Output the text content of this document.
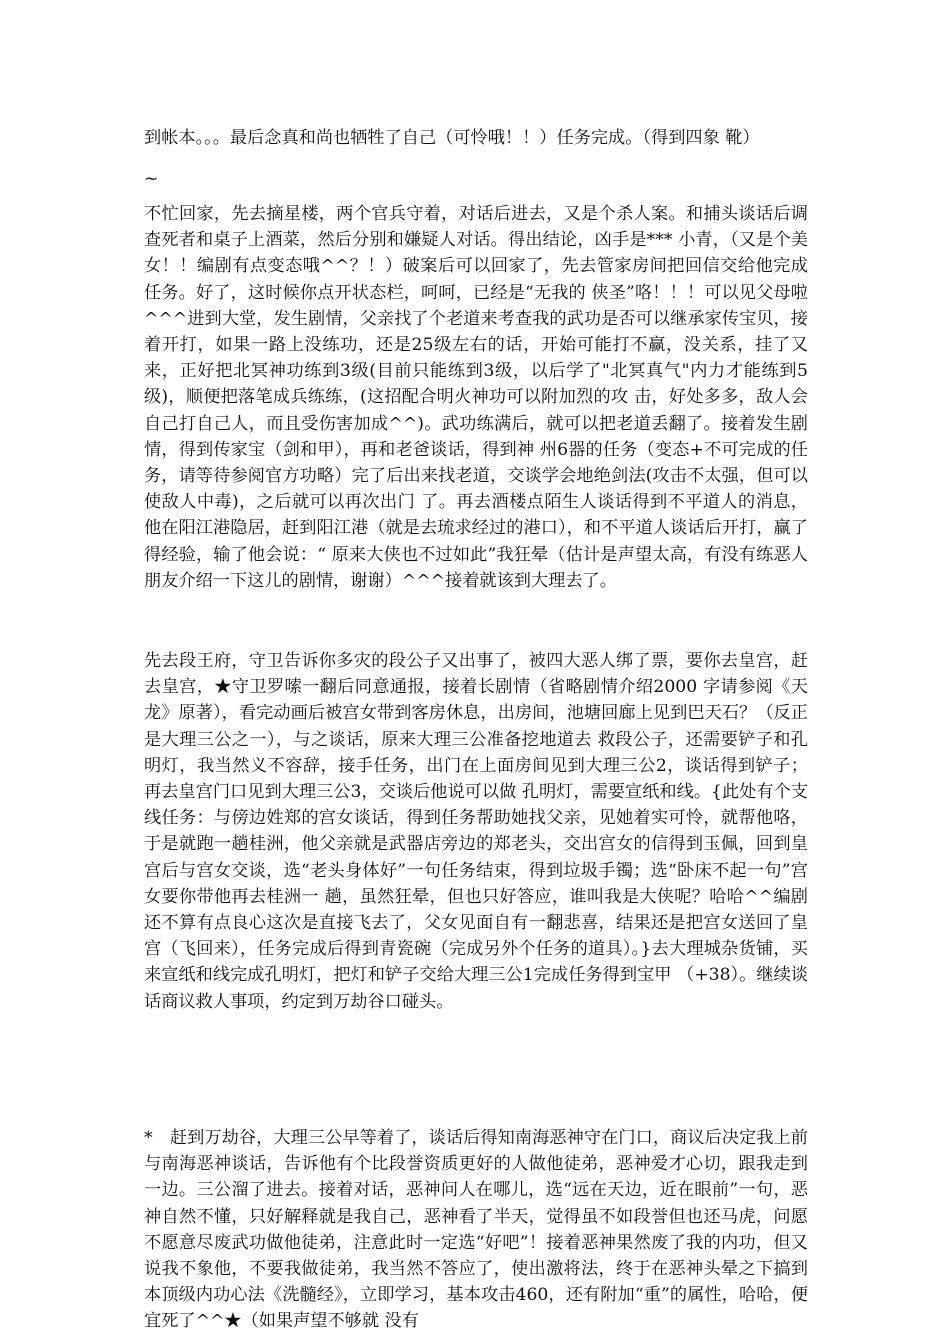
到帐本。。。最后念真和尚也牺牲了自己（可怜哦！！）任务完成。（得到四象 靴）

~

不忙回家，先去摘星楼，两个官兵守着，对话后进去，又是个杀人案。和捕头谈话后调查死者和桌子上酒菜，然后分别和嫌疑人对话。得出结论，凶手是*** 小青，（又是个美女！！编剧有点变态哦^^？！）破案后可以回家了，先去管家房间把回信交给他完成任务。好了，这时候你点开状态栏，呵呵，已经是“无我的 侠圣”咯！！！可以见父母啦^^^进到大堂，发生剧情，父亲找了个老道来考查我的武功是否可以继承家传宝贝，接着开打，如果一路上没练功，还是25级左右的话，开始可能打不赢，没关系，挂了又来，正好把北冥神功练到3级(目前只能练到3级，以后学了"北冥真气"内力才能练到5级)，顺便把落笔成兵练练，(这招配合明火神功可以附加烈的攻 击，好处多多，敌人会自己打自己人，而且受伤害加成^^)。武功练满后，就可以把老道丢翻了。接着发生剧情，得到传家宝（剑和甲），再和老爸谈话，得到神 州6器的任务（变态+不可完成的任务，请等待参阅官方功略）完了后出来找老道，交谈学会地绝剑法(攻击不太强，但可以使敌人中毒)，之后就可以再次出门 了。再去酒楼点陌生人谈话得到不平道人的消息，他在阳江港隐居，赶到阳江港（就是去琉求经过的港口），和不平道人谈话后开打，赢了得经验，输了他会说：“ 原来大侠也不过如此”我狂晕（估计是声望太高，有没有练恶人朋友介绍一下这儿的剧情，谢谢）^^^接着就该到大理去了。

先去段王府，守卫告诉你多灾的段公子又出事了，被四大恶人绑了票，要你去皇宫，赶去皇宫，★守卫罗嗦一翻后同意通报，接着长剧情（省略剧情介绍2000 字请参阅《天龙》原著），看完动画后被宫女带到客房休息，出房间，池塘回廊上见到巴天石？（反正是大理三公之一），与之谈话，原来大理三公准备挖地道去 救段公子，还需要铲子和孔明灯，我当然义不容辞，接手任务，出门在上面房间见到大理三公2，谈话得到铲子；再去皇宫门口见到大理三公3，交谈后他说可以做 孔明灯，需要宣纸和线。{此处有个支线任务：与傍边姓郑的宫女谈话，得到任务帮助她找父亲，见她着实可怜，就帮他咯，于是就跑一趟桂洲，他父亲就是武器店旁边的郑老头，交出宫女的信得到玉佩，回到皇宫后与宫女交谈，选“老头身体好”一句任务结束，得到垃圾手镯；选“卧床不起一句”宫女要你带他再去桂洲一 趟，虽然狂晕，但也只好答应，谁叫我是大侠呢？哈哈^^编剧还不算有点良心这次是直接飞去了，父女见面自有一翻悲喜，结果还是把宫女送回了皇宫（飞回来），任务完成后得到青瓷碗（完成另外个任务的道具）。}去大理城杂货铺，买来宣纸和线完成孔明灯，把灯和铲子交给大理三公1完成任务得到宝甲 （+38）。继续谈话商议救人事项，约定到万劫谷口碰头。

*　赶到万劫谷，大理三公早等着了，谈话后得知南海恶神守在门口，商议后决定我上前与南海恶神谈话，告诉他有个比段誉资质更好的人做他徒弟，恶神爱才心切，跟我走到一边。三公溜了进去。接着对话，恶神问人在哪儿，选“远在天边，近在眼前”一句，恶神自然不懂，只好解释就是我自己，恶神看了半天，觉得虽不如段誉但也还马虎，问愿不愿意尽废武功做他徒弟，注意此时一定选“好吧”！接着恶神果然废了我的内功，但又说我不象他，不要我做徒弟，我当然不答应了，使出激将法，终于在恶神头晕之下搞到本顶级内功心法《洗髓经》，立即学习，基本攻击460，还有附加“重”的属性，哈哈，便宜死了^^★（如果声望不够就 没有
